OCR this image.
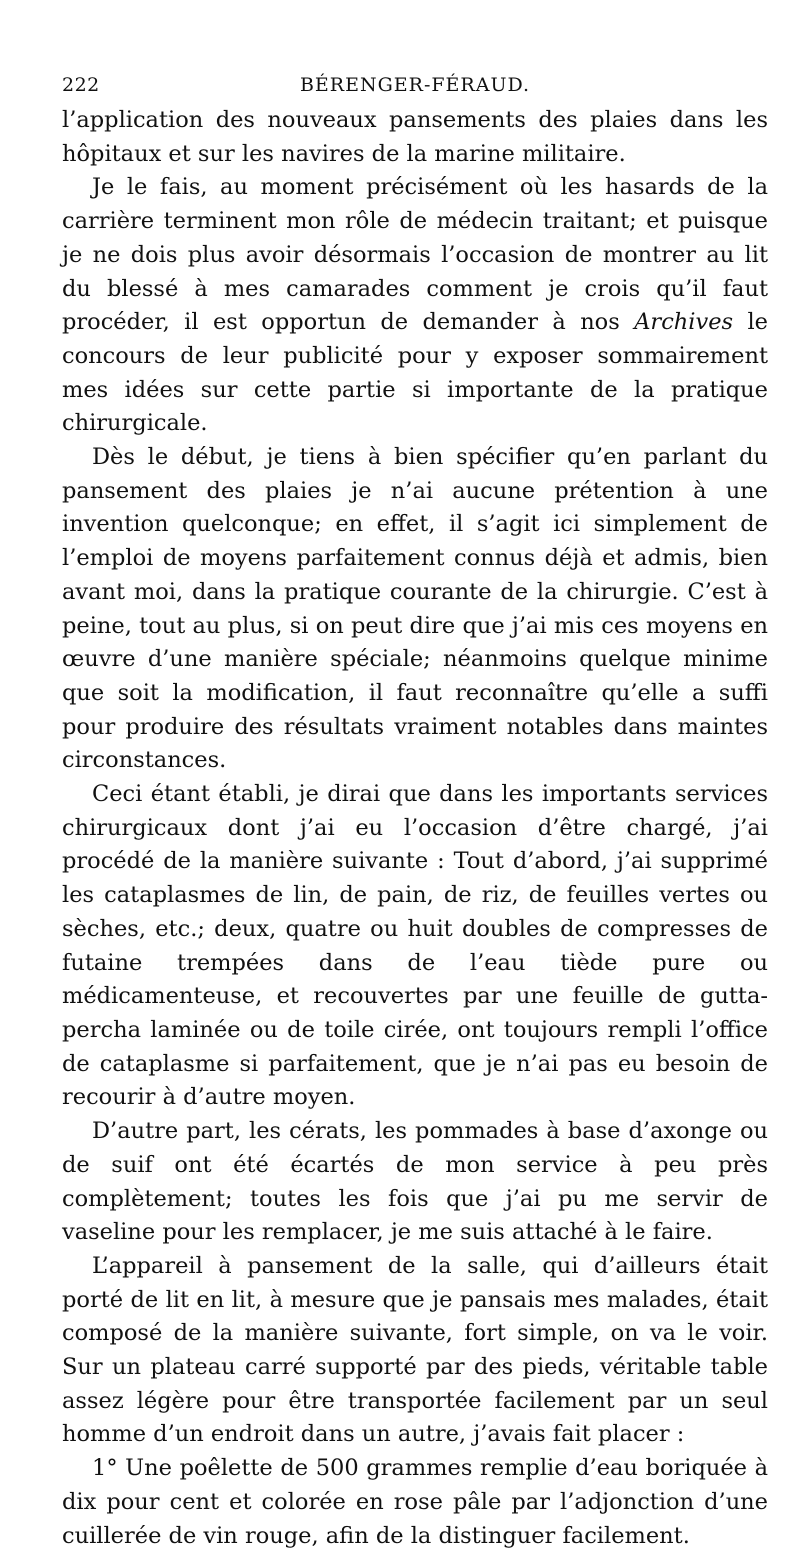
222	BÉRENGER-FÉRAUD.

l’application des nouveaux pansements des plaies dans les hôpitaux et sur les navires de la marine militaire.

Je le fais, au moment précisément où les hasards de la carrière terminent mon rôle de médecin traitant; et puisque je ne dois plus avoir désormais l’occasion de montrer au lit du blessé à mes camarades comment je crois qu’il faut procéder, il est opportun de demander à nos Archives le concours de leur publicité pour y exposer sommairement mes idées sur cette partie si importante de la pratique chirurgicale.

Dès le début, je tiens à bien spécifier qu’en parlant du pansement des plaies je n’ai aucune prétention à une invention quelconque; en effet, il s’agit ici simplement de l’emploi de moyens parfaitement connus déjà et admis, bien avant moi, dans la pratique courante de la chirurgie. C’est à peine, tout au plus, si on peut dire que j’ai mis ces moyens en œuvre d’une manière spéciale; néanmoins quelque minime que soit la modification, il faut reconnaître qu’elle a suffi pour produire des résultats vraiment notables dans maintes circonstances.

Ceci étant établi, je dirai que dans les importants services chirurgicaux dont j’ai eu l’occasion d’être chargé, j’ai procédé de la manière suivante : Tout d’abord, j’ai supprimé les cataplasmes de lin, de pain, de riz, de feuilles vertes ou sèches, etc.; deux, quatre ou huit doubles de compresses de futaine trempées dans de l’eau tiède pure ou médicamenteuse, et recouvertes par une feuille de gutta-percha laminée ou de toile cirée, ont toujours rempli l’office de cataplasme si parfaitement, que je n’ai pas eu besoin de recourir à d’autre moyen.

D’autre part, les cérats, les pommades à base d’axonge ou de suif ont été écartés de mon service à peu près complètement; toutes les fois que j’ai pu me servir de vaseline pour les remplacer, je me suis attaché à le faire.

L’appareil à pansement de la salle, qui d’ailleurs était porté de lit en lit, à mesure que je pansais mes malades, était composé de la manière suivante, fort simple, on va le voir. Sur un plateau carré supporté par des pieds, véritable table assez légère pour être transportée facilement par un seul homme d’un endroit dans un autre, j’avais fait placer :

1° Une poêlette de 500 grammes remplie d’eau boriquée à dix pour cent et colorée en rose pâle par l’adjonction d’une cuillerée de vin rouge, afin de la distinguer facilement.
